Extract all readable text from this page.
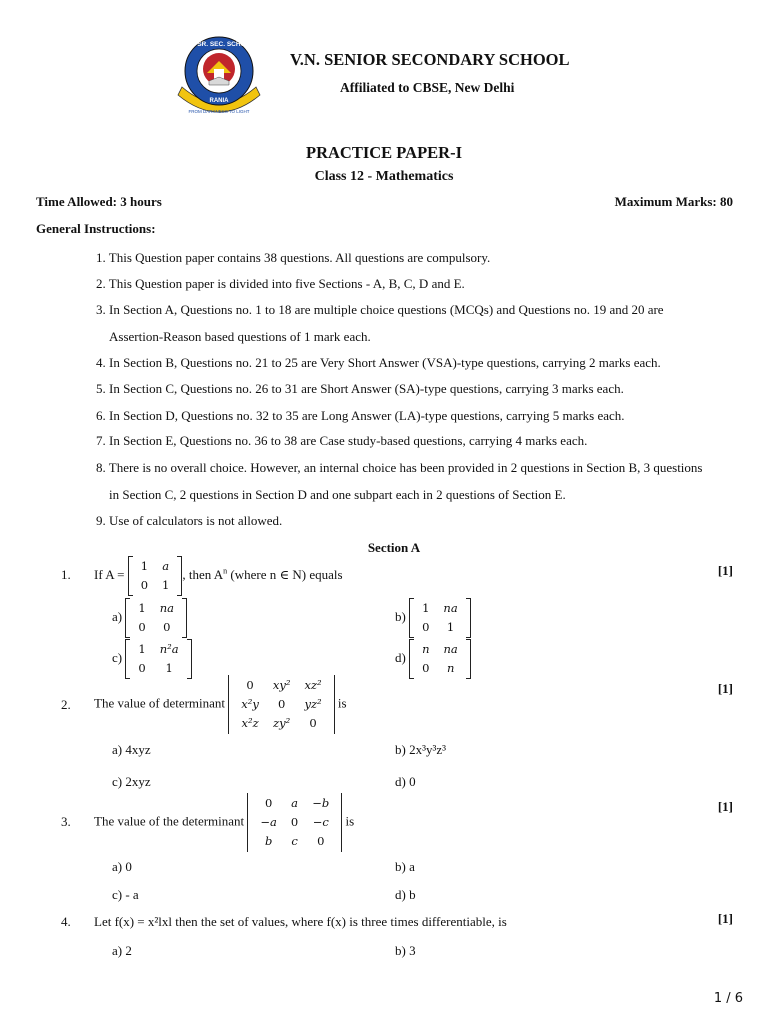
V.N. SR. SEC. SCHOOL
RANIA
FROM DARKNESS TO LIGHT
V.N. SENIOR SECONDARY SCHOOL
Affiliated to CBSE, New Delhi
PRACTICE PAPER-I
Class 12 - Mathematics
Time Allowed: 3 hours	Maximum Marks: 80
General Instructions:
1. This Question paper contains 38 questions. All questions are compulsory.
2. This Question paper is divided into five Sections - A, B, C, D and E.
3. In Section A, Questions no. 1 to 18 are multiple choice questions (MCQs) and Questions no. 19 and 20 are
Assertion-Reason based questions of 1 mark each.
4. In Section B, Questions no. 21 to 25 are Very Short Answer (VSA)-type questions, carrying 2 marks each.
5. In Section C, Questions no. 26 to 31 are Short Answer (SA)-type questions, carrying 3 marks each.
6. In Section D, Questions no. 32 to 35 are Long Answer (LA)-type questions, carrying 5 marks each.
7. In Section E, Questions no. 36 to 38 are Case study-based questions, carrying 4 marks each.
8. There is no overall choice. However, an internal choice has been provided in 2 questions in Section B, 3 questions
in Section C, 2 questions in Section D and one subpart each in 2 questions of Section E.
9. Use of calculators is not allowed.
Section A
1. If A =
1	a
0	1
, then $A^n$ (where n ∈ N) equals	[1]
a)
1	na
0	0
b)
1	na
0	1
c)
1	n²a
0	1
d)
n	na
0	n
2. The value of determinant
0	xy²	xz²
x²y	0	yz²
x²z	zy²	0
is
[1]
a) 4xyz	b) 2x³y³z³
c) 2xyz	d) 0
3. The value of the determinant
0	a	−b
−a	0	−c
b	c	0
is
[1]
a) 0	b) a
c) - a	d) b
4. Let f(x) = x²lxl then the set of values, where f(x) is three times differentiable, is	[1]
a) 2	b) 3
1 / 6
